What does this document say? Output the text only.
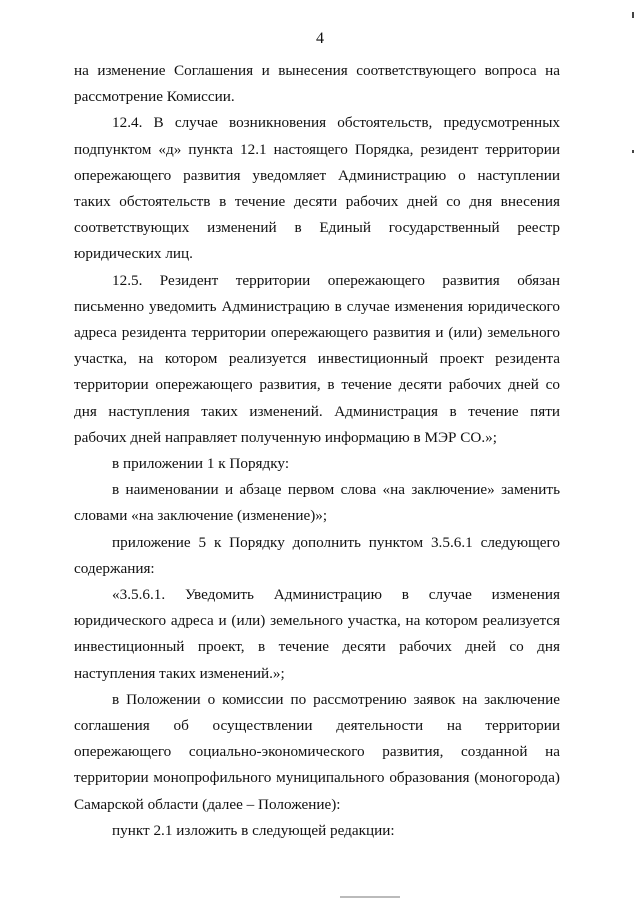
4

на изменение Соглашения и вынесения соответствующего вопроса на рассмотрение Комиссии.

12.4. В случае возникновения обстоятельств, предусмотренных подпунктом «д» пункта 12.1 настоящего Порядка, резидент территории опережающего развития уведомляет Администрацию о наступлении таких обстоятельств в течение десяти рабочих дней со дня внесения соответствующих изменений в Единый государственный реестр юридических лиц.

12.5. Резидент территории опережающего развития обязан письменно уведомить Администрацию в случае изменения юридического адреса резидента территории опережающего развития и (или) земельного участка, на котором реализуется инвестиционный проект резидента территории опережающего развития, в течение десяти рабочих дней со дня наступления таких изменений. Администрация в течение пяти рабочих дней направляет полученную информацию в МЭР СО.»;

в приложении 1 к Порядку:

в наименовании и абзаце первом слова «на заключение» заменить словами «на заключение (изменение)»;

приложение 5 к Порядку дополнить пунктом 3.5.6.1 следующего содержания:

«3.5.6.1. Уведомить Администрацию в случае изменения юридического адреса и (или) земельного участка, на котором реализуется инвестиционный проект, в течение десяти рабочих дней со дня наступления таких изменений.»;

в Положении о комиссии по рассмотрению заявок на заключение соглашения об осуществлении деятельности на территории опережающего социально-экономического развития, созданной на территории монопрофильного муниципального образования (моногорода) Самарской области (далее – Положение):

пункт 2.1 изложить в следующей редакции:
